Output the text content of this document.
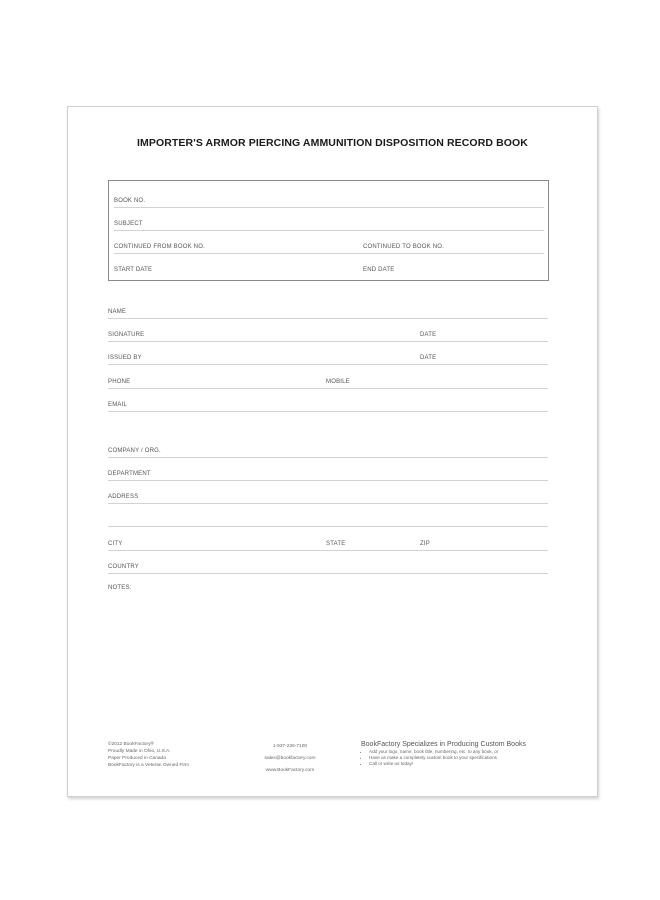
IMPORTER'S ARMOR PIERCING AMMUNITION DISPOSITION RECORD BOOK
BOOK NO.
SUBJECT
CONTINUED FROM BOOK NO.	CONTINUED TO BOOK NO.
START DATE	END DATE
NAME
SIGNATURE	DATE
ISSUED BY	DATE
PHONE	MOBILE
EMAIL
COMPANY / ORG.
DEPARTMENT
ADDRESS
CITY	STATE	ZIP
COUNTRY
NOTES:
©2012 BookFactory®
Proudly Made in Ohio, U.S.A.
Paper Produced in Canada
BookFactory is a Veteran Owned Firm
1-937-226-7100
sales@bookfactory.com
www.BookFactory.com
BookFactory Specializes in Producing Custom Books
• Add your logo, name, book title, numbering, etc. to any book, or
• Have us make a completely custom book to your specifications
• Call or write us today!
